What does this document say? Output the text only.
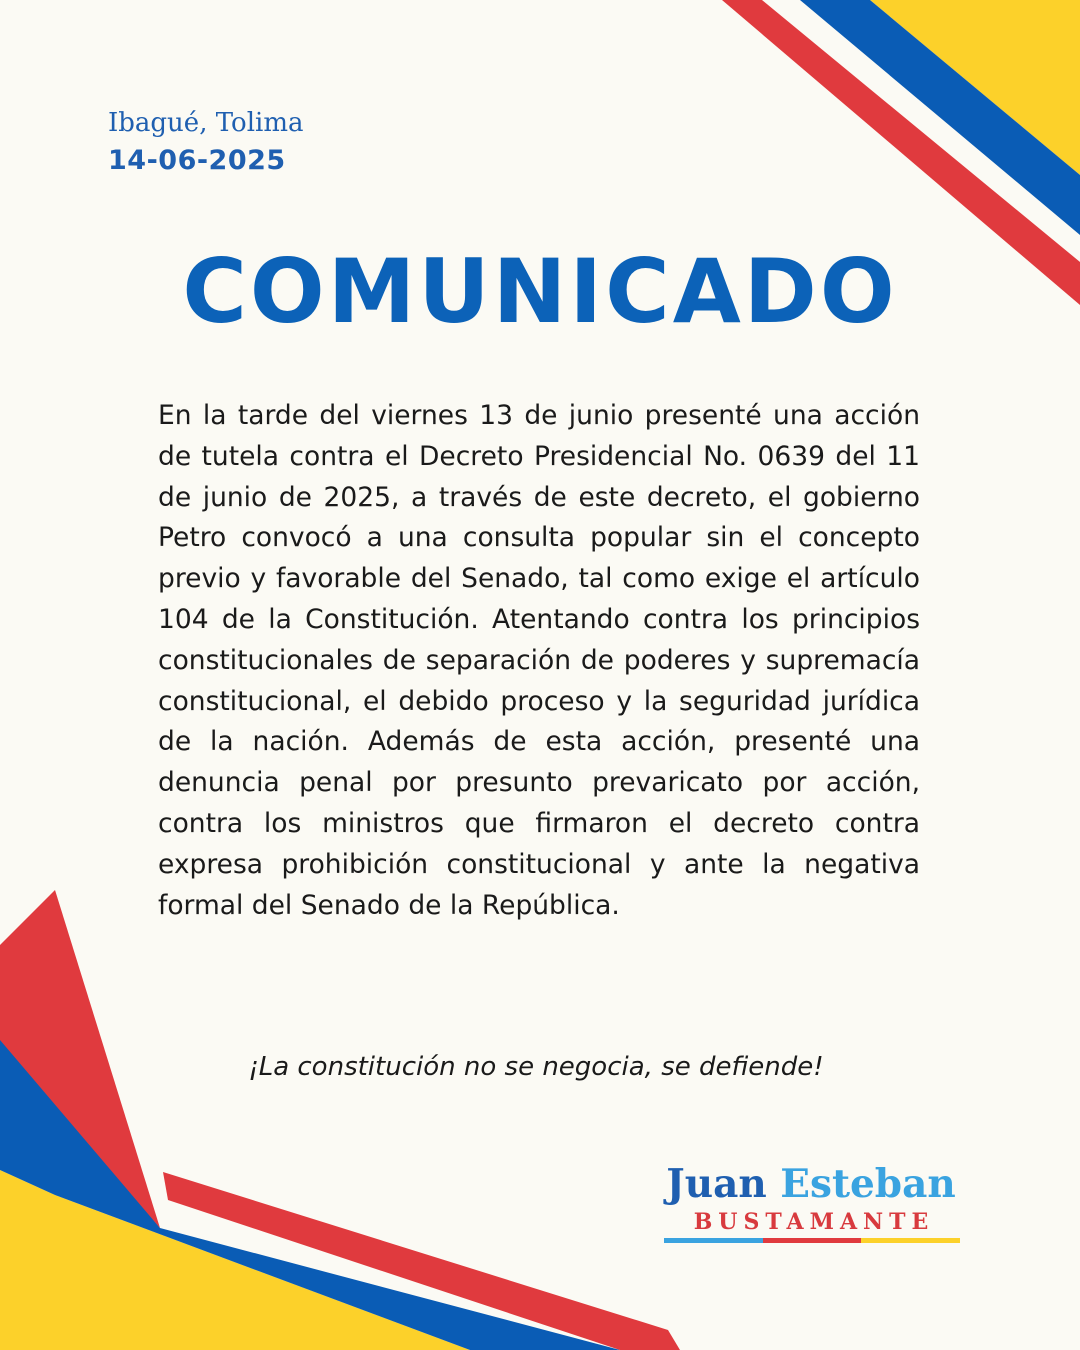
Ibagué, Tolima

14-06-2025
COMUNICADO

En la tarde del viernes 13 de junio presenté una acción de tutela contra el Decreto Presidencial No. 0639 del 11 de junio de 2025, a través de este decreto, el gobierno Petro convocó a una consulta popular sin el concepto previo y favorable del Senado, tal como exige el artículo 104 de la Constitución. Atentando contra los principios constitucionales de separación de poderes y supremacía constitucional, el debido proceso y la seguridad jurídica de la nación. Además de esta acción, presenté una denuncia penal por presunto prevaricato por acción, contra los ministros que firmaron el decreto contra expresa prohibición constitucional y ante la negativa formal del Senado de la República.

¡La constitución no se negocia, se defiende!

Juan Esteban
BUSTAMANTE
